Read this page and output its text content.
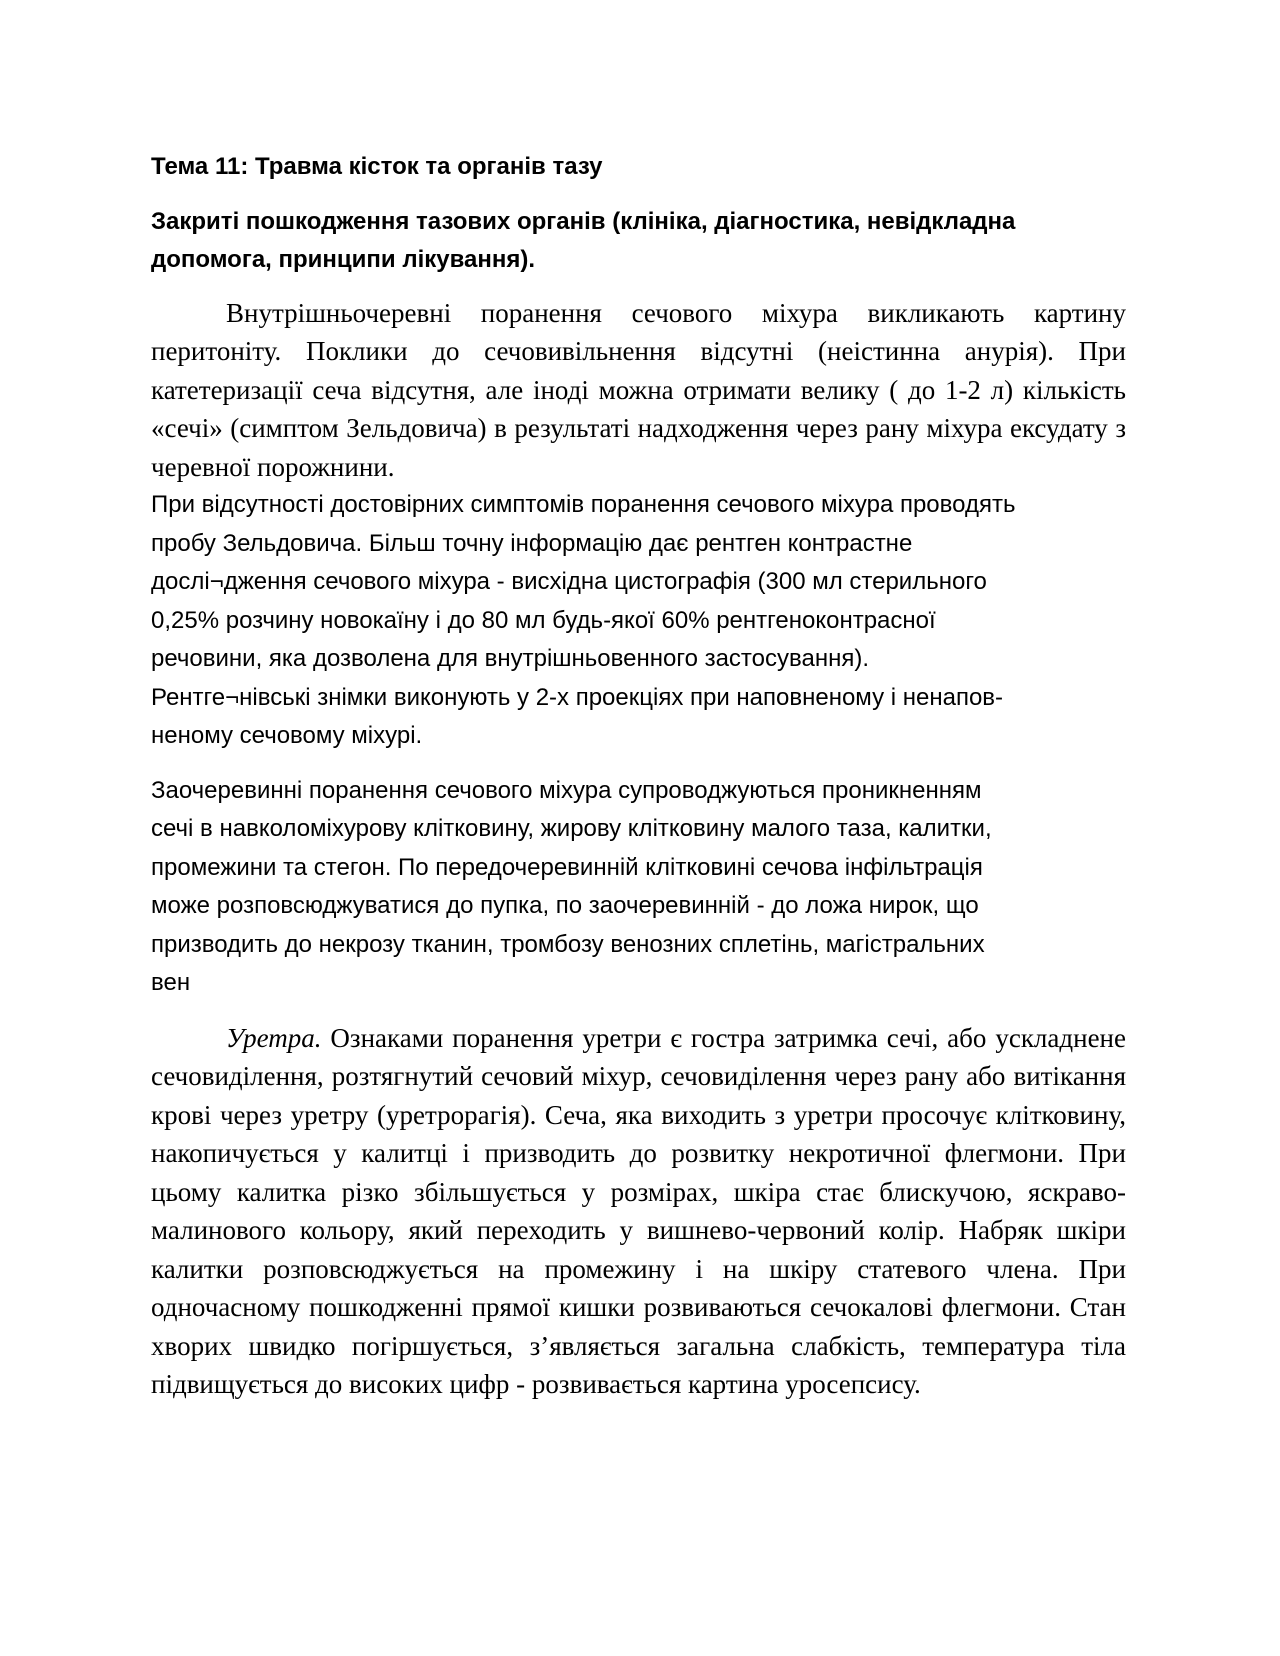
Тема 11: Травма кісток та органів тазу
Закриті пошкодження тазових органів (клініка, діагностика, невідкладна
допомога, принципи лікування).

Внутрішньочеревні поранення сечового міхура викликають картину перитоніту. Поклики до сечовивільнення відсутні (неістинна анурія). При катетеризації сеча відсутня, але іноді можна отримати велику ( до 1-2 л) кількість «сечі» (симптом Зельдовича) в результаті надходження через рану міхура ексудату з черевної порожнини.

При відсутності достовірних симптомів поранення сечового міхура проводять
пробу Зельдовича. Більш точну інформацію дає рентген контрастне
дослі¬дження сечового міхура - висхідна цистографія (300 мл стерильного
0,25% розчину новокаїну і до 80 мл будь-якої 60% рентгеноконтрасної
речовини, яка дозволена для внутрішньовенного застосування).
Рентге¬нівські знімки виконують у 2-х проекціях при наповненому і ненапов-
неному сечовому міхурі.
Заочеревинні поранення сечового міхура супроводжуються проникненням
сечі в навколоміхурову клітковину, жирову клітковину малого таза, калитки,
промежини та стегон. По передочеревинній клітковині сечова інфільтрація
може розповсюджуватися до пупка, по заочеревинній - до ложа нирок, що
призводить до некрозу тканин, тромбозу венозних сплетінь, магістральних
вен

Уретра. Ознаками поранення уретри є гостра затримка сечі, або ускладнене сечовиділення, розтягнутий сечовий міхур, сечовиділення через рану або витікання крові через уретру (уретрорагія). Сеча, яка виходить з уретри просочує клітковину, накопичується у калитці і призводить до розвитку некротичної флегмони. При цьому калитка різко збільшується у розмірах, шкіра стає блискучою, яскраво- малинового кольору, який переходить у вишнево-червоний колір. Набряк шкіри калитки розповсюджується на промежину і на шкіру статевого члена. При одночасному пошкодженні прямої кишки розвиваються сечокалові флегмони. Стан хворих швидко погіршується, з’являється загальна слабкість, температура тіла підвищується до високих цифр - розвивається картина уросепсису.
